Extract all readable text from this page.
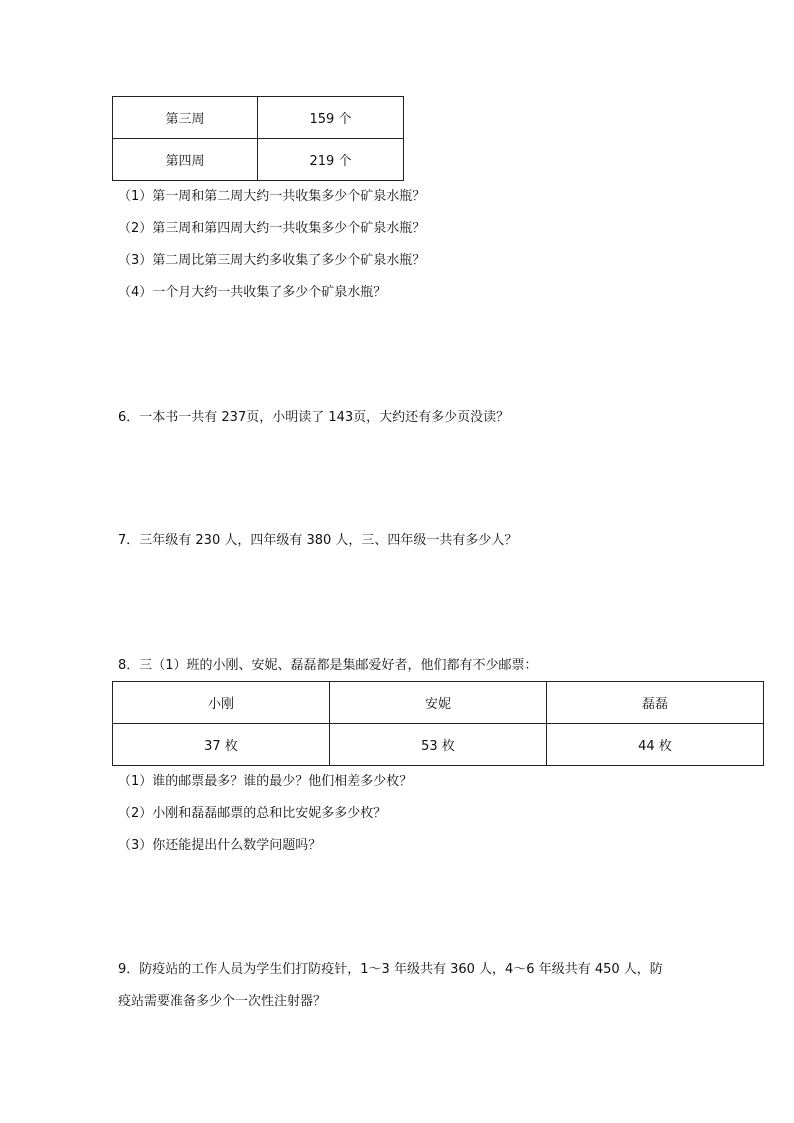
第三周	159 个
第四周	219 个
（1）第一周和第二周大约一共收集多少个矿泉水瓶？
（2）第三周和第四周大约一共收集多少个矿泉水瓶？
（3）第二周比第三周大约多收集了多少个矿泉水瓶？
（4）一个月大约一共收集了多少个矿泉水瓶？
6．一本书一共有 237页，小明读了 143页，大约还有多少页没读？
7．三年级有 230 人，四年级有 380 人，三、四年级一共有多少人？
8．三（1）班的小刚、安妮、磊磊都是集邮爱好者，他们都有不少邮票：
小刚	安妮	磊磊
37 枚	53 枚	44 枚
（1）谁的邮票最多？谁的最少？他们相差多少枚？
（2）小刚和磊磊邮票的总和比安妮多多少枚？
（3）你还能提出什么数学问题吗？
9．防疫站的工作人员为学生们打防疫针，1～3 年级共有 360 人，4～6 年级共有 450 人，防
疫站需要准备多少个一次性注射器？
